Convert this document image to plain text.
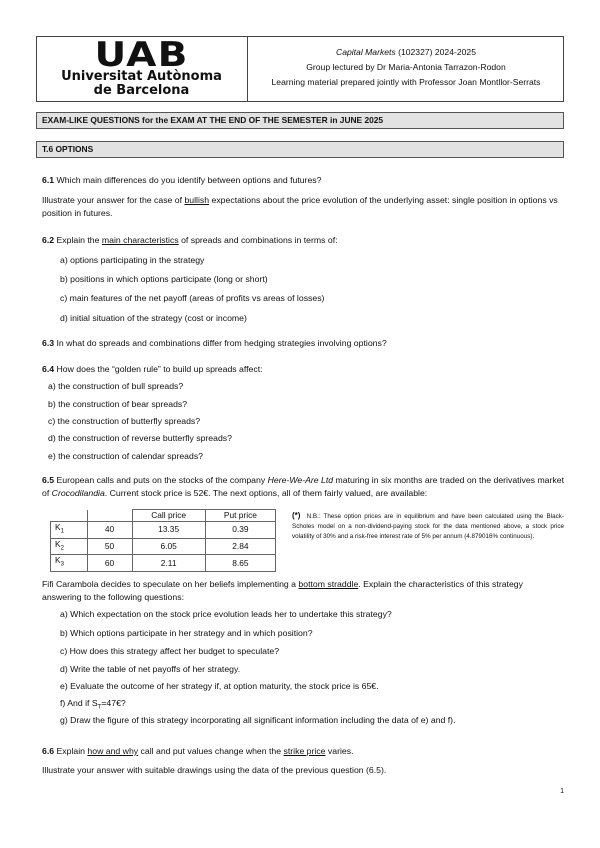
UAB
Universitat Autònoma
de Barcelona
Capital Markets (102327) 2024-2025
Group lectured by Dr Maria-Antonia Tarrazon-Rodon
Learning material prepared jointly with Professor Joan Montllor-Serrats
EXAM-LIKE QUESTIONS for the EXAM AT THE END OF THE SEMESTER in JUNE 2025
T.6 OPTIONS
6.1 Which main differences do you identify between options and futures?
Illustrate your answer for the case of bullish expectations about the price evolution of the underlying asset: single position in options vs position in futures.
6.2 Explain the main characteristics of spreads and combinations in terms of:
a) options participating in the strategy
b) positions in which options participate (long or short)
c) main features of the net payoff (areas of profits vs areas of losses)
d) initial situation of the strategy (cost or income)
6.3 In what do spreads and combinations differ from hedging strategies involving options?
6.4 How does the “golden rule” to build up spreads affect:
a) the construction of bull spreads?
b) the construction of bear spreads?
c) the construction of butterfly spreads?
d) the construction of reverse butterfly spreads?
e) the construction of calendar spreads?
6.5 European calls and puts on the stocks of the company Here-We-Are Ltd maturing in six months are traded on the derivatives market of Crocodilandia. Current stock price is 52€. The next options, all of them fairly valued, are available:
		Call price	Put price
$K_1$	40	13.35	0.39
$K_2$	50	6.05	2.84
$K_3$	60	2.11	8.65
(*) N.B.: These option prices are in equilibrium and have been calculated using the Black-Scholes model on a non-dividend-paying stock for the data mentioned above, a stock price volatility of 30% and a risk-free interest rate of 5% per annum (4.879016% continuous).
Fifi Carambola decides to speculate on her beliefs implementing a bottom straddle. Explain the characteristics of this strategy answering to the following questions:
a) Which expectation on the stock price evolution leads her to undertake this strategy?
b) Which options participate in her strategy and in which position?
c) How does this strategy affect her budget to speculate?
d) Write the table of net payoffs of her strategy.
e) Evaluate the outcome of her strategy if, at option maturity, the stock price is 65€.
f) And if $S_T=47€$?
g) Draw the figure of this strategy incorporating all significant information including the data of e) and f).
6.6 Explain how and why call and put values change when the strike price varies.
Illustrate your answer with suitable drawings using the data of the previous question (6.5).
1
